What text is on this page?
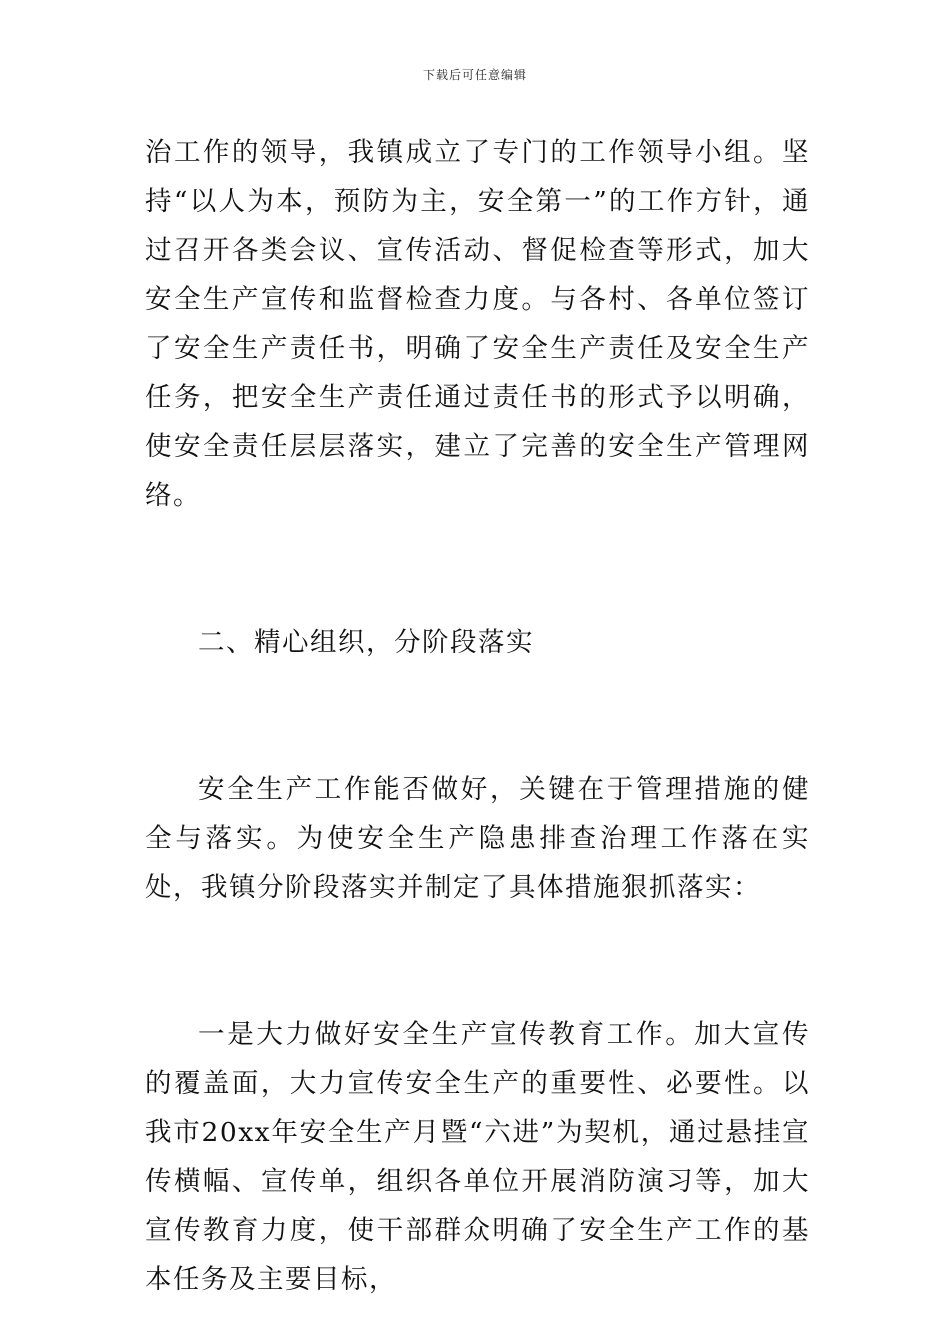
下载后可任意编辑

治工作的领导，我镇成立了专门的工作领导小组。坚持“以人为本，预防为主，安全第一”的工作方针，通过召开各类会议、宣传活动、督促检查等形式，加大安全生产宣传和监督检查力度。与各村、各单位签订了安全生产责任书，明确了安全生产责任及安全生产任务，把安全生产责任通过责任书的形式予以明确，使安全责任层层落实，建立了完善的安全生产管理网络。

二、精心组织，分阶段落实

安全生产工作能否做好，关键在于管理措施的健全与落实。为使安全生产隐患排查治理工作落在实处，我镇分阶段落实并制定了具体措施狠抓落实：

一是大力做好安全生产宣传教育工作。加大宣传的覆盖面，大力宣传安全生产的重要性、必要性。以我市20xx年安全生产月暨“六进”为契机，通过悬挂宣传横幅、宣传单，组织各单位开展消防演习等，加大宣传教育力度，使干部群众明确了安全生产工作的基本任务及主要目标，
